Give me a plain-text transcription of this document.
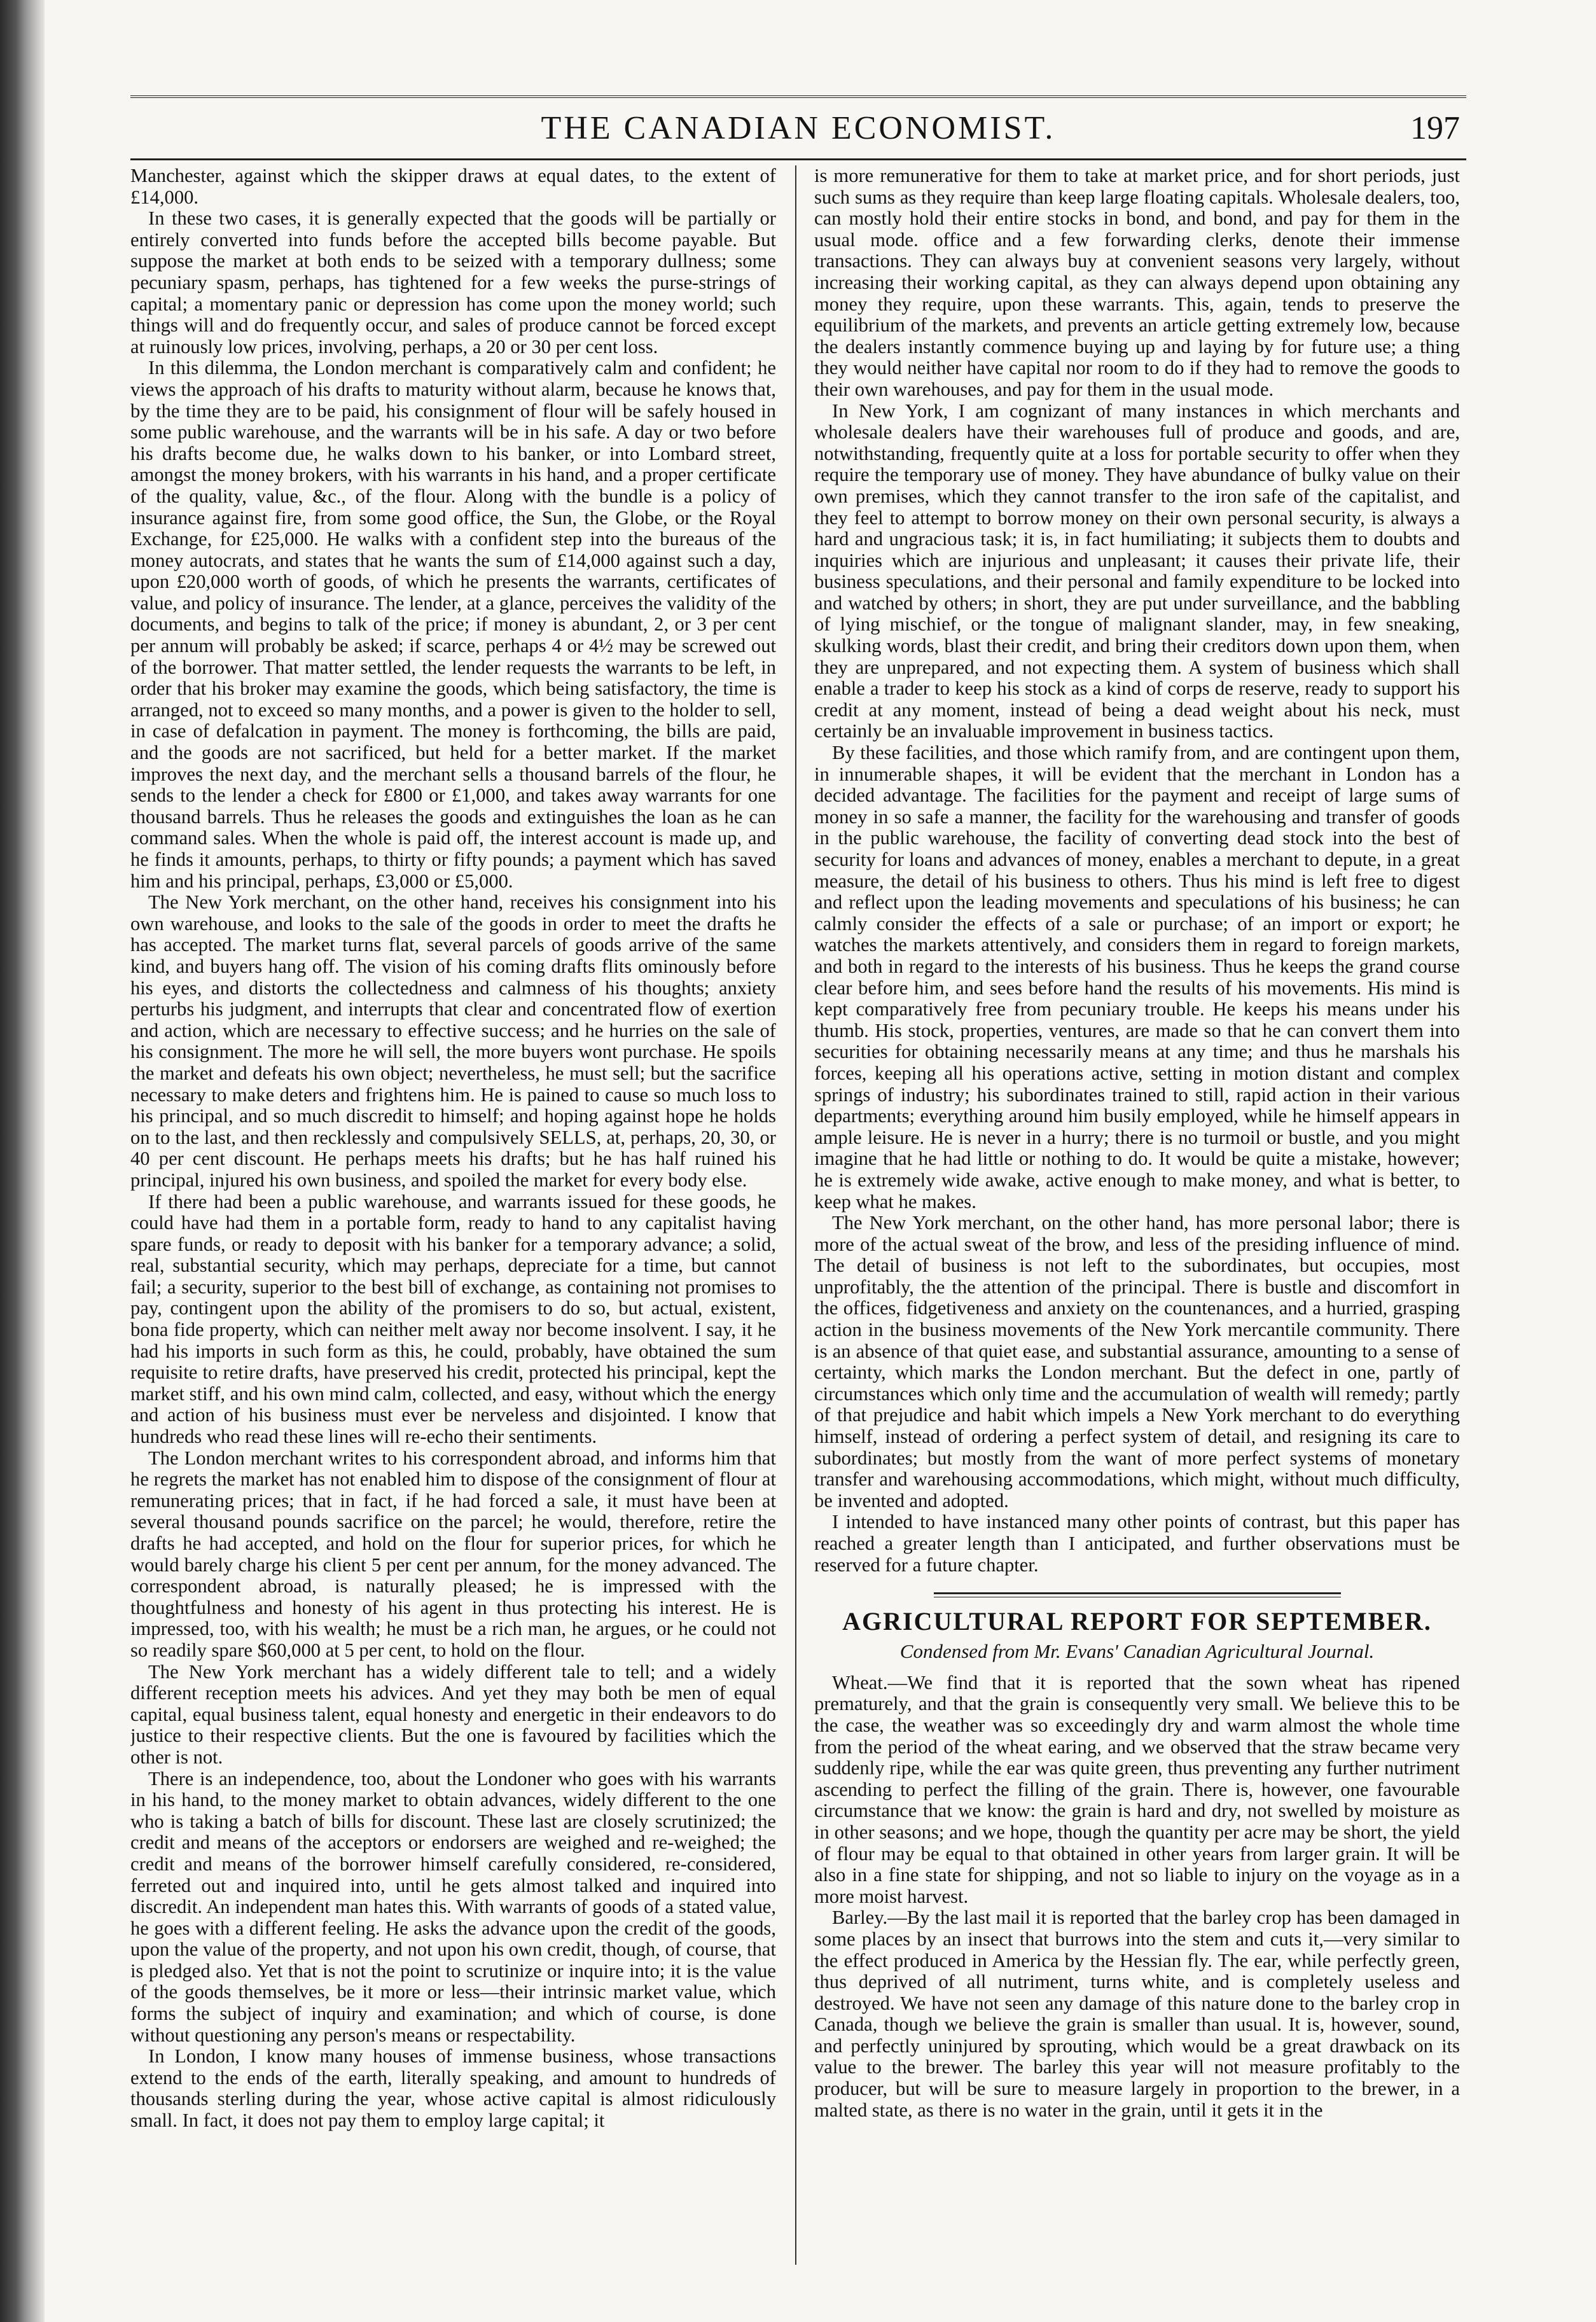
THE CANADIAN ECONOMIST.	197

Manchester, against which the skipper draws at equal dates, to the extent of £14,000.

In these two cases, it is generally expected that the goods will be partially or entirely converted into funds before the accepted bills become payable. But suppose the market at both ends to be seized with a temporary dullness; some pecuniary spasm, perhaps, has tightened for a few weeks the purse-strings of capital; a momentary panic or depression has come upon the money world; such things will and do frequently occur, and sales of produce cannot be forced except at ruinously low prices, involving, perhaps, a 20 or 30 per cent loss.

In this dilemma, the London merchant is comparatively calm and confident; he views the approach of his drafts to maturity without alarm, because he knows that, by the time they are to be paid, his consignment of flour will be safely housed in some public warehouse, and the warrants will be in his safe. A day or two before his drafts become due, he walks down to his banker, or into Lombard street, amongst the money brokers, with his warrants in his hand, and a proper certificate of the quality, value, &c., of the flour. Along with the bundle is a policy of insurance against fire, from some good office, the Sun, the Globe, or the Royal Exchange, for £25,000. He walks with a confident step into the bureaus of the money autocrats, and states that he wants the sum of £14,000 against such a day, upon £20,000 worth of goods, of which he presents the warrants, certificates of value, and policy of insurance. The lender, at a glance, perceives the validity of the documents, and begins to talk of the price; if money is abundant, 2, or 3 per cent per annum will probably be asked; if scarce, perhaps 4 or 4½ may be screwed out of the borrower. That matter settled, the lender requests the warrants to be left, in order that his broker may examine the goods, which being satisfactory, the time is arranged, not to exceed so many months, and a power is given to the holder to sell, in case of defalcation in payment. The money is forthcoming, the bills are paid, and the goods are not sacrificed, but held for a better market. If the market improves the next day, and the merchant sells a thousand barrels of the flour, he sends to the lender a check for £800 or £1,000, and takes away warrants for one thousand barrels. Thus he releases the goods and extinguishes the loan as he can command sales. When the whole is paid off, the interest account is made up, and he finds it amounts, perhaps, to thirty or fifty pounds; a payment which has saved him and his principal, perhaps, £3,000 or £5,000.

The New York merchant, on the other hand, receives his consignment into his own warehouse, and looks to the sale of the goods in order to meet the drafts he has accepted. The market turns flat, several parcels of goods arrive of the same kind, and buyers hang off. The vision of his coming drafts flits ominously before his eyes, and distorts the collectedness and calmness of his thoughts; anxiety perturbs his judgment, and interrupts that clear and concentrated flow of exertion and action, which are necessary to effective success; and he hurries on the sale of his consignment. The more he will sell, the more buyers wont purchase. He spoils the market and defeats his own object; nevertheless, he must sell; but the sacrifice necessary to make deters and frightens him. He is pained to cause so much loss to his principal, and so much discredit to himself; and hoping against hope he holds on to the last, and then recklessly and compulsively SELLS, at, perhaps, 20, 30, or 40 per cent discount. He perhaps meets his drafts; but he has half ruined his principal, injured his own business, and spoiled the market for every body else.

If there had been a public warehouse, and warrants issued for these goods, he could have had them in a portable form, ready to hand to any capitalist having spare funds, or ready to deposit with his banker for a temporary advance; a solid, real, substantial security, which may perhaps, depreciate for a time, but cannot fail; a security, superior to the best bill of exchange, as containing not promises to pay, contingent upon the ability of the promisers to do so, but actual, existent, bona fide property, which can neither melt away nor become insolvent. I say, it he had his imports in such form as this, he could, probably, have obtained the sum requisite to retire drafts, have preserved his credit, protected his principal, kept the market stiff, and his own mind calm, collected, and easy, without which the energy and action of his business must ever be nerveless and disjointed. I know that hundreds who read these lines will re-echo their sentiments.

The London merchant writes to his correspondent abroad, and informs him that he regrets the market has not enabled him to dispose of the consignment of flour at remunerating prices; that in fact, if he had forced a sale, it must have been at several thousand pounds sacrifice on the parcel; he would, therefore, retire the drafts he had accepted, and hold on the flour for superior prices, for which he would barely charge his client 5 per cent per annum, for the money advanced. The correspondent abroad, is naturally pleased; he is impressed with the thoughtfulness and honesty of his agent in thus protecting his interest. He is impressed, too, with his wealth; he must be a rich man, he argues, or he could not so readily spare $60,000 at 5 per cent, to hold on the flour.

The New York merchant has a widely different tale to tell; and a widely different reception meets his advices. And yet they may both be men of equal capital, equal business talent, equal honesty and energetic in their endeavors to do justice to their respective clients. But the one is favoured by facilities which the other is not.

There is an independence, too, about the Londoner who goes with his warrants in his hand, to the money market to obtain advances, widely different to the one who is taking a batch of bills for discount. These last are closely scrutinized; the credit and means of the acceptors or endorsers are weighed and re-weighed; the credit and means of the borrower himself carefully considered, re-considered, ferreted out and inquired into, until he gets almost talked and inquired into discredit. An independent man hates this. With warrants of goods of a stated value, he goes with a different feeling. He asks the advance upon the credit of the goods, upon the value of the property, and not upon his own credit, though, of course, that is pledged also. Yet that is not the point to scrutinize or inquire into; it is the value of the goods themselves, be it more or less—their intrinsic market value, which forms the subject of inquiry and examination; and which of course, is done without questioning any person's means or respectability.

In London, I know many houses of immense business, whose transactions extend to the ends of the earth, literally speaking, and amount to hundreds of thousands sterling during the year, whose active capital is almost ridiculously small. In fact, it does not pay them to employ large capital; it

is more remunerative for them to take at market price, and for short periods, just such sums as they require than keep large floating capitals. Wholesale dealers, too, can mostly hold their entire stocks in bond, and bond, and pay for them in the usual mode. office and a few forwarding clerks, denote their immense transactions. They can always buy at convenient seasons very largely, without increasing their working capital, as they can always depend upon obtaining any money they require, upon these warrants. This, again, tends to preserve the equilibrium of the markets, and prevents an article getting extremely low, because the dealers instantly commence buying up and laying by for future use; a thing they would neither have capital nor room to do if they had to remove the goods to their own warehouses, and pay for them in the usual mode.

In New York, I am cognizant of many instances in which merchants and wholesale dealers have their warehouses full of produce and goods, and are, notwithstanding, frequently quite at a loss for portable security to offer when they require the temporary use of money. They have abundance of bulky value on their own premises, which they cannot transfer to the iron safe of the capitalist, and they feel to attempt to borrow money on their own personal security, is always a hard and ungracious task; it is, in fact humiliating; it subjects them to doubts and inquiries which are injurious and unpleasant; it causes their private life, their business speculations, and their personal and family expenditure to be locked into and watched by others; in short, they are put under surveillance, and the babbling of lying mischief, or the tongue of malignant slander, may, in few sneaking, skulking words, blast their credit, and bring their creditors down upon them, when they are unprepared, and not expecting them. A system of business which shall enable a trader to keep his stock as a kind of corps de reserve, ready to support his credit at any moment, instead of being a dead weight about his neck, must certainly be an invaluable improvement in business tactics.

By these facilities, and those which ramify from, and are contingent upon them, in innumerable shapes, it will be evident that the merchant in London has a decided advantage. The facilities for the payment and receipt of large sums of money in so safe a manner, the facility for the warehousing and transfer of goods in the public warehouse, the facility of converting dead stock into the best of security for loans and advances of money, enables a merchant to depute, in a great measure, the detail of his business to others. Thus his mind is left free to digest and reflect upon the leading movements and speculations of his business; he can calmly consider the effects of a sale or purchase; of an import or export; he watches the markets attentively, and considers them in regard to foreign markets, and both in regard to the interests of his business. Thus he keeps the grand course clear before him, and sees before hand the results of his movements. His mind is kept comparatively free from pecuniary trouble. He keeps his means under his thumb. His stock, properties, ventures, are made so that he can convert them into securities for obtaining necessarily means at any time; and thus he marshals his forces, keeping all his operations active, setting in motion distant and complex springs of industry; his subordinates trained to still, rapid action in their various departments; everything around him busily employed, while he himself appears in ample leisure. He is never in a hurry; there is no turmoil or bustle, and you might imagine that he had little or nothing to do. It would be quite a mistake, however; he is extremely wide awake, active enough to make money, and what is better, to keep what he makes.

The New York merchant, on the other hand, has more personal labor; there is more of the actual sweat of the brow, and less of the presiding influence of mind. The detail of business is not left to the subordinates, but occupies, most unprofitably, the the attention of the principal. There is bustle and discomfort in the offices, fidgetiveness and anxiety on the countenances, and a hurried, grasping action in the business movements of the New York mercantile community. There is an absence of that quiet ease, and substantial assurance, amounting to a sense of certainty, which marks the London merchant. But the defect in one, partly of circumstances which only time and the accumulation of wealth will remedy; partly of that prejudice and habit which impels a New York merchant to do everything himself, instead of ordering a perfect system of detail, and resigning its care to subordinates; but mostly from the want of more perfect systems of monetary transfer and warehousing accommodations, which might, without much difficulty, be invented and adopted.

I intended to have instanced many other points of contrast, but this paper has reached a greater length than I anticipated, and further observations must be reserved for a future chapter.

AGRICULTURAL REPORT FOR SEPTEMBER.
Condensed from Mr. Evans' Canadian Agricultural Journal.

Wheat.—We find that it is reported that the sown wheat has ripened prematurely, and that the grain is consequently very small. We believe this to be the case, the weather was so exceedingly dry and warm almost the whole time from the period of the wheat earing, and we observed that the straw became very suddenly ripe, while the ear was quite green, thus preventing any further nutriment ascending to perfect the filling of the grain. There is, however, one favourable circumstance that we know: the grain is hard and dry, not swelled by moisture as in other seasons; and we hope, though the quantity per acre may be short, the yield of flour may be equal to that obtained in other years from larger grain. It will be also in a fine state for shipping, and not so liable to injury on the voyage as in a more moist harvest.

Barley.—By the last mail it is reported that the barley crop has been damaged in some places by an insect that burrows into the stem and cuts it,—very similar to the effect produced in America by the Hessian fly. The ear, while perfectly green, thus deprived of all nutriment, turns white, and is completely useless and destroyed. We have not seen any damage of this nature done to the barley crop in Canada, though we believe the grain is smaller than usual. It is, however, sound, and perfectly uninjured by sprouting, which would be a great drawback on its value to the brewer. The barley this year will not measure profitably to the producer, but will be sure to measure largely in proportion to the brewer, in a malted state, as there is no water in the grain, until it gets it in the
